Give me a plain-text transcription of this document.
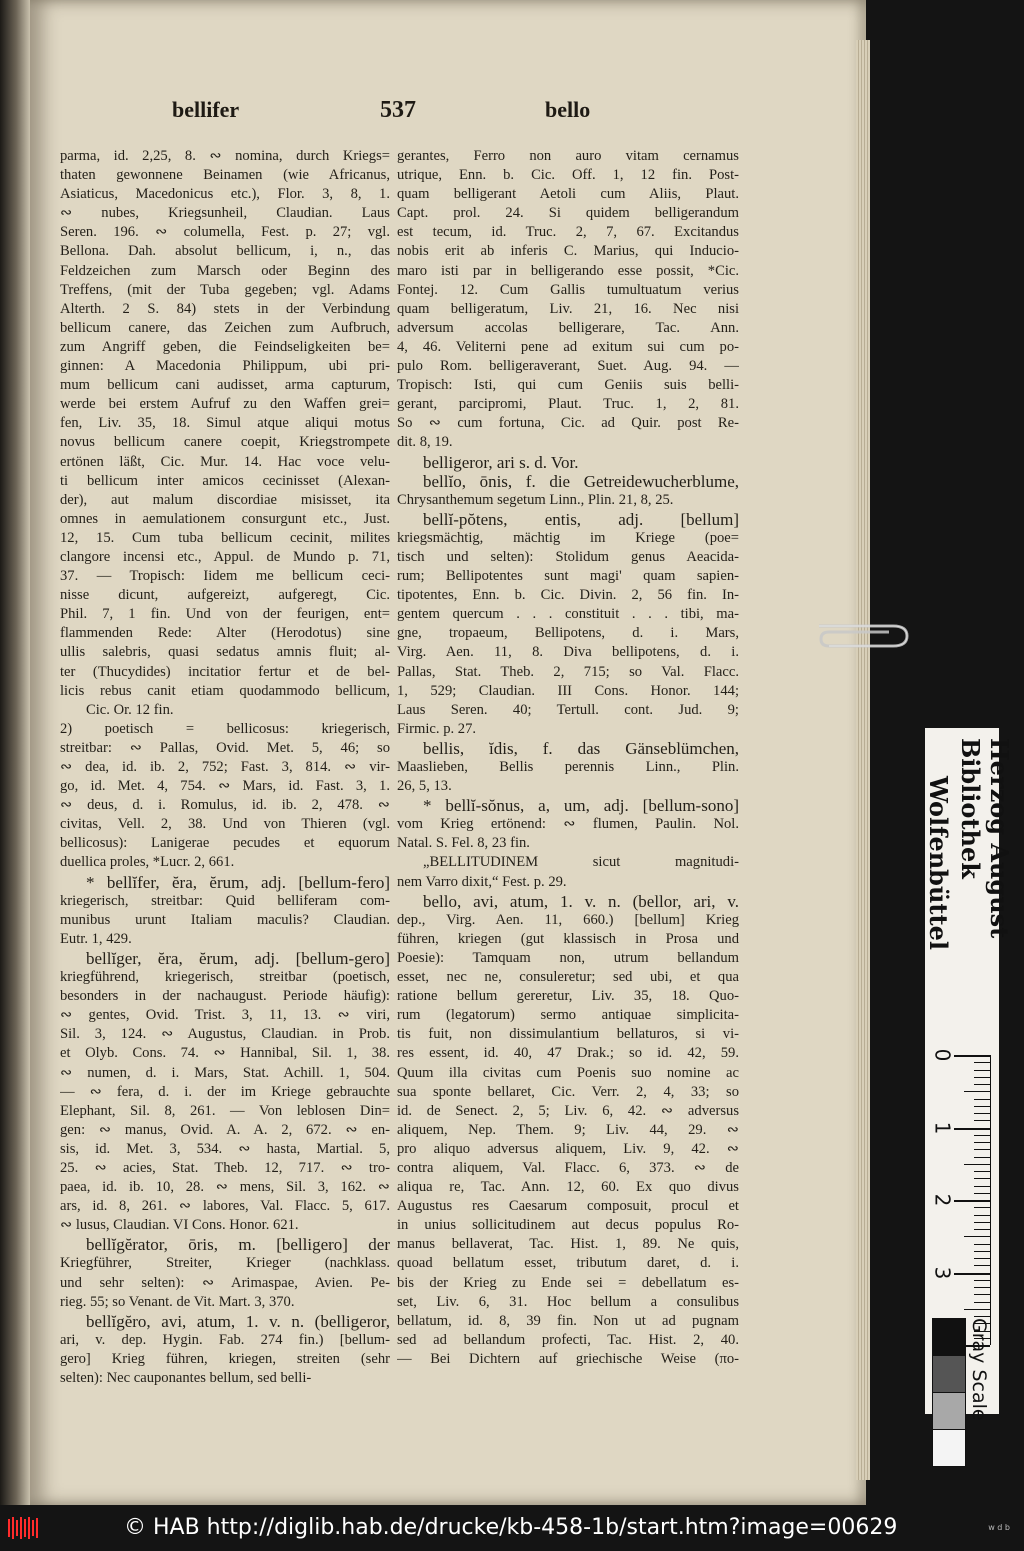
bellifer	537	bello
parma, id. 2,25, 8. ∾ nomina, durch Kriegs=
thaten gewonnene Beinamen (wie Africanus,
Asiaticus, Macedonicus etc.), Flor. 3, 8, 1.
∾ nubes, Kriegsunheil, Claudian. Laus
Seren. 196. ∾ columella, Fest. p. 27; vgl.
Bellona. Dah. absolut bellicum, i, n., das
Feldzeichen zum Marsch oder Beginn des
Treffens, (mit der Tuba gegeben; vgl. Adams
Alterth. 2 S. 84) stets in der Verbindung
bellicum canere, das Zeichen zum Aufbruch,
zum Angriff geben, die Feindseligkeiten be=
ginnen: A Macedonia Philippum, ubi pri-
mum bellicum cani audisset, arma capturum,
werde bei erstem Aufruf zu den Waffen grei=
fen, Liv. 35, 18. Simul atque aliqui motus
novus bellicum canere coepit, Kriegstrompete
ertönen läßt, Cic. Mur. 14. Hac voce velu-
ti bellicum inter amicos cecinisset (Alexan-
der), aut malum discordiae misisset, ita
omnes in aemulationem consurgunt etc., Just.
12, 15. Cum tuba bellicum cecinit, milites
clangore incensi etc., Appul. de Mundo p. 71,
37. — Tropisch: Iidem me bellicum ceci-
nisse dicunt, aufgereizt, aufgeregt, Cic.
Phil. 7, 1 fin. Und von der feurigen, ent=
flammenden Rede: Alter (Herodotus) sine
ullis salebris, quasi sedatus amnis fluit; al-
ter (Thucydides) incitatior fertur et de bel-
licis rebus canit etiam quodammodo bellicum,
Cic. Or. 12 fin.
2) poetisch = bellicosus: kriegerisch,
streitbar: ∾ Pallas, Ovid. Met. 5, 46; so
∾ dea, id. ib. 2, 752; Fast. 3, 814. ∾ vir-
go, id. Met. 4, 754. ∾ Mars, id. Fast. 3, 1.
∾ deus, d. i. Romulus, id. ib. 2, 478. ∾
civitas, Vell. 2, 38. Und von Thieren (vgl.
bellicosus): Lanigerae pecudes et equorum
duellica proles, *Lucr. 2, 661.
* bellĭfer, ĕra, ĕrum, adj. [bellum-fero]
kriegerisch, streitbar: Quid belliferam com-
munibus urunt Italiam maculis? Claudian.
Eutr. 1, 429.
bellĭger, ĕra, ĕrum, adj. [bellum-gero]
kriegführend, kriegerisch, streitbar (poetisch,
besonders in der nachaugust. Periode häufig):
∾ gentes, Ovid. Trist. 3, 11, 13. ∾ viri,
Sil. 3, 124. ∾ Augustus, Claudian. in Prob.
et Olyb. Cons. 74. ∾ Hannibal, Sil. 1, 38.
∾ numen, d. i. Mars, Stat. Achill. 1, 504.
— ∾ fera, d. i. der im Kriege gebrauchte
Elephant, Sil. 8, 261. — Von leblosen Din=
gen: ∾ manus, Ovid. A. A. 2, 672. ∾ en-
sis, id. Met. 3, 534. ∾ hasta, Martial. 5,
25. ∾ acies, Stat. Theb. 12, 717. ∾ tro-
paea, id. ib. 10, 28. ∾ mens, Sil. 3, 162. ∾
ars, id. 8, 261. ∾ labores, Val. Flacc. 5, 617.
∾ lusus, Claudian. VI Cons. Honor. 621.
bellĭgĕrator, ōris, m. [belligero] der
Kriegführer, Streiter, Krieger (nachklass.
und sehr selten): ∾ Arimaspae, Avien. Pe-
rieg. 55; so Venant. de Vit. Mart. 3, 370.
bellĭgĕro, avi, atum, 1. v. n. (belligeror,
ari, v. dep. Hygin. Fab. 274 fin.) [bellum-
gero] Krieg führen, kriegen, streiten (sehr
selten): Nec cauponantes bellum, sed belli-
gerantes, Ferro non auro vitam cernamus
utrique, Enn. b. Cic. Off. 1, 12 fin. Post-
quam belligerant Aetoli cum Aliis, Plaut.
Capt. prol. 24. Si quidem belligerandum
est tecum, id. Truc. 2, 7, 67. Excitandus
nobis erit ab inferis C. Marius, qui Inducio-
maro isti par in belligerando esse possit, *Cic.
Fontej. 12. Cum Gallis tumultuatum verius
quam belligeratum, Liv. 21, 16. Nec nisi
adversum accolas belligerare, Tac. Ann.
4, 46. Veliterni pene ad exitum sui cum po-
pulo Rom. belligeraverant, Suet. Aug. 94. —
Tropisch: Isti, qui cum Geniis suis belli-
gerant, parcipromi, Plaut. Truc. 1, 2, 81.
So ∾ cum fortuna, Cic. ad Quir. post Re-
dit. 8, 19.
belligeror, ari s. d. Vor.
bellĭo, ōnis, f. die Getreidewucherblume,
Chrysanthemum segetum Linn., Plin. 21, 8, 25.
bellĭ-pŏtens, entis, adj. [bellum]
kriegsmächtig, mächtig im Kriege (poe=
tisch und selten): Stolidum genus Aeacida-
rum; Bellipotentes sunt magi' quam sapien-
tipotentes, Enn. b. Cic. Divin. 2, 56 fin. In-
gentem quercum . . . constituit . . . tibi, ma-
gne, tropaeum, Bellipotens, d. i. Mars,
Virg. Aen. 11, 8. Diva bellipotens, d. i.
Pallas, Stat. Theb. 2, 715; so Val. Flacc.
1, 529; Claudian. III Cons. Honor. 144;
Laus Seren. 40; Tertull. cont. Jud. 9;
Firmic. p. 27.
bellis, ĭdis, f. das Gänseblümchen,
Maaslieben, Bellis perennis Linn., Plin.
26, 5, 13.
* bellĭ-sŏnus, a, um, adj. [bellum-sono]
vom Krieg ertönend: ∾ flumen, Paulin. Nol.
Natal. S. Fel. 8, 23 fin.
„BELLITUDINEM sicut magnitudi-
nem Varro dixit,“ Fest. p. 29.
bello, avi, atum, 1. v. n. (bellor, ari, v.
dep., Virg. Aen. 11, 660.) [bellum] Krieg
führen, kriegen (gut klassisch in Prosa und
Poesie): Tamquam non, utrum bellandum
esset, nec ne, consuleretur; sed ubi, et qua
ratione bellum gereretur, Liv. 35, 18. Quo-
rum (legatorum) sermo antiquae simplicita-
tis fuit, non dissimulantium bellaturos, si vi-
res essent, id. 40, 47 Drak.; so id. 42, 59.
Quum illa civitas cum Poenis suo nomine ac
sua sponte bellaret, Cic. Verr. 2, 4, 33; so
id. de Senect. 2, 5; Liv. 6, 42. ∾ adversus
aliquem, Nep. Them. 9; Liv. 44, 29. ∾
pro aliquo adversus aliquem, Liv. 9, 42. ∾
contra aliquem, Val. Flacc. 6, 373. ∾ de
aliqua re, Tac. Ann. 12, 60. Ex quo divus
Augustus res Caesarum composuit, procul et
in unius sollicitudinem aut decus populus Ro-
manus bellaverat, Tac. Hist. 1, 89. Ne quis,
quoad bellatum esset, tributum daret, d. i.
bis der Krieg zu Ende sei = debellatum es-
set, Liv. 6, 31. Hoc bellum a consulibus
bellatum, id. 8, 39 fin. Non ut ad pugnam
sed ad bellandum profecti, Tac. Hist. 2, 40.
— Bei Dichtern auf griechische Weise (πο-
Herzog August Bibliothek
Wolfenbüttel
0
1
2
3
Gray Scale
© HAB http://diglib.hab.de/drucke/kb-458-1b/start.htm?image=00629	w d b
